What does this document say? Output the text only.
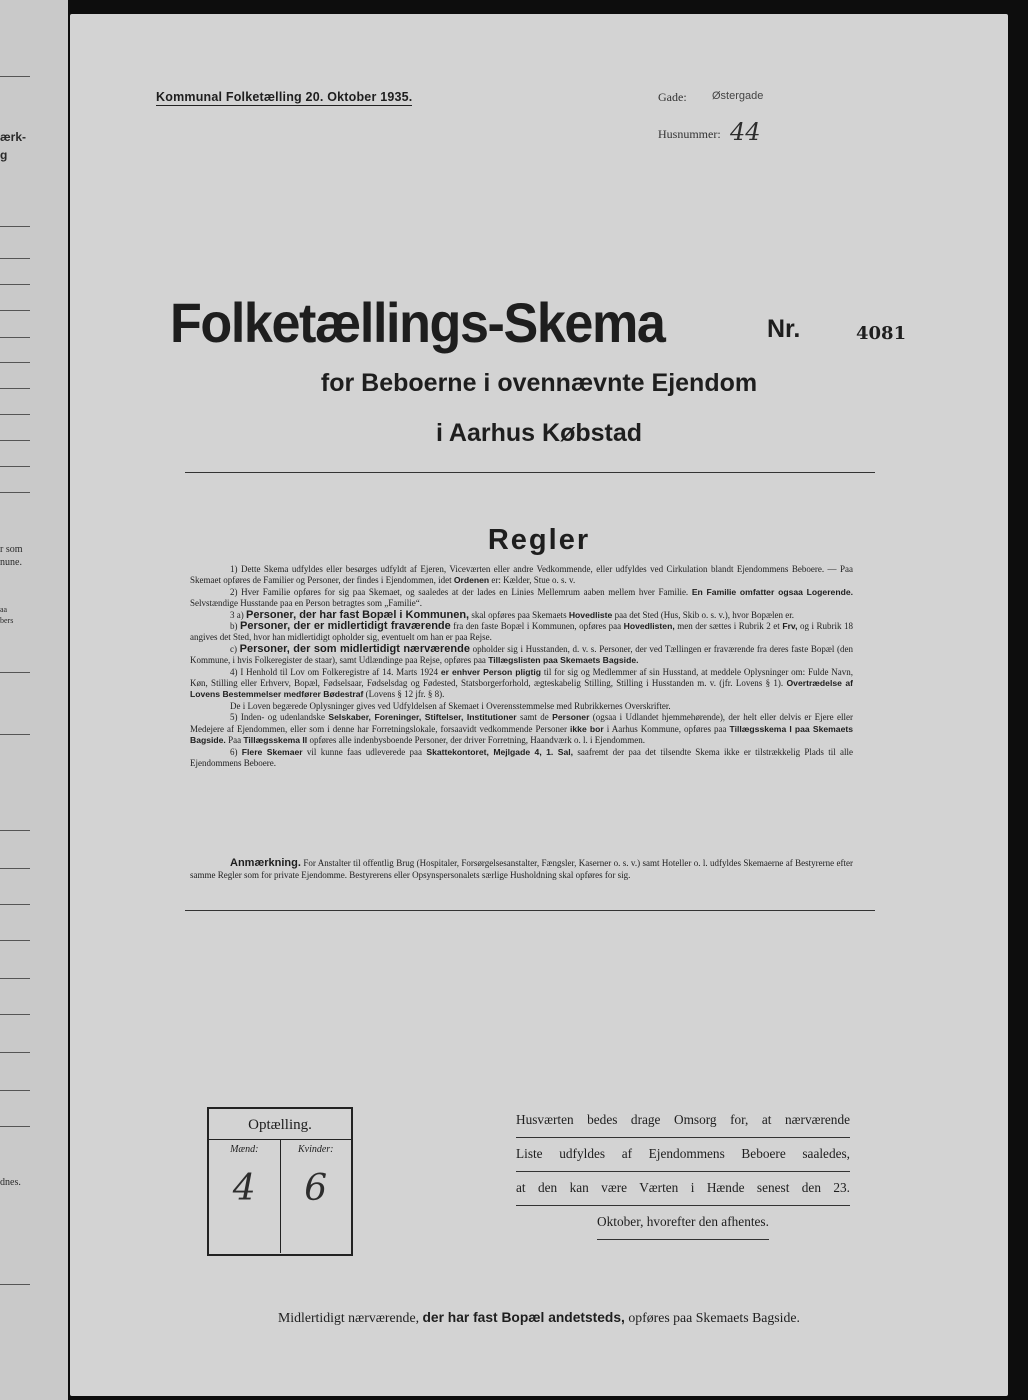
ærk-
g
r som
nune.
aa
bers
dnes.
Kommunal Folketælling 20. Oktober 1935.	Gade: Østergade
Husnummer: 44
Folketællings-Skema	Nr.	4081
for Beboerne i ovennævnte Ejendom
i Aarhus Købstad
Regler

1) Dette Skema udfyldes eller besørges udfyldt af Ejeren, Viceværten eller andre Vedkommende, eller udfyldes ved Cirkulation blandt Ejendommens Beboere. — Paa Skemaet opføres de Familier og Personer, der findes i Ejendommen, idet Ordenen er: Kælder, Stue o. s. v.

2) Hver Familie opføres for sig paa Skemaet, og saaledes at der lades en Linies Mellemrum aaben mellem hver Familie. En Familie omfatter ogsaa Logerende. Selvstændige Husstande paa en Person betragtes som „Familie“.

3 a) Personer, der har fast Bopæl i Kommunen, skal opføres paa Skemaets Hovedliste paa det Sted (Hus, Skib o. s. v.), hvor Bopælen er.

b) Personer, der er midlertidigt fraværende fra den faste Bopæl i Kommunen, opføres paa Hovedlisten, men der sættes i Rubrik 2 et Frv, og i Rubrik 18 angives det Sted, hvor han midlertidigt opholder sig, eventuelt om han er paa Rejse.

c) Personer, der som midlertidigt nærværende opholder sig i Husstanden, d. v. s. Personer, der ved Tællingen er fraværende fra deres faste Bopæl (den Kommune, i hvis Folkeregister de staar), samt Udlændinge paa Rejse, opføres paa Tillægslisten paa Skemaets Bagside.

4) I Henhold til Lov om Folkeregistre af 14. Marts 1924 er enhver Person pligtig til for sig og Medlemmer af sin Husstand, at meddele Oplysninger om: Fulde Navn, Køn, Stilling eller Erhverv, Bopæl, Fødselsaar, Fødselsdag og Fødested, Statsborgerforhold, ægteskabelig Stilling, Stilling i Husstanden m. v. (jfr. Lovens § 1). Overtrædelse af Lovens Bestemmelser medfører Bødestraf (Lovens § 12 jfr. § 8).

De i Loven begærede Oplysninger gives ved Udfyldelsen af Skemaet i Overensstemmelse med Rubrikkernes Overskrifter.

5) Inden- og udenlandske Selskaber, Foreninger, Stiftelser, Institutioner samt de Personer (ogsaa i Udlandet hjemmehørende), der helt eller delvis er Ejere eller Medejere af Ejendommen, eller som i denne har Forretningslokale, forsaavidt vedkommende Personer ikke bor i Aarhus Kommune, opføres paa Tillægsskema I paa Skemaets Bagside. Paa Tillægsskema II opføres alle indenbysboende Personer, der driver Forretning, Haandværk o. l. i Ejendommen.

6) Flere Skemaer vil kunne faas udleverede paa Skattekontoret, Mejlgade 4, 1. Sal, saafremt der paa det tilsendte Skema ikke er tilstrækkelig Plads til alle Ejendommens Beboere.

Anmærkning. For Anstalter til offentlig Brug (Hospitaler, Forsørgelsesanstalter, Fængsler, Kaserner o. s. v.) samt Hoteller o. l. udfyldes Skemaerne af Bestyrerne efter samme Regler som for private Ejendomme. Bestyrerens eller Opsynspersonalets særlige Husholdning skal opføres for sig.

Optælling.
Mænd:
4
Kvinder:
6
Husværten bedes drage Omsorg for, at nærværende
Liste udfyldes af Ejendommens Beboere saaledes,
at den kan være Værten i Hænde senest den 23.
Oktober, hvorefter den afhentes.
Midlertidigt nærværende, der har fast Bopæl andetsteds, opføres paa Skemaets Bagside.
